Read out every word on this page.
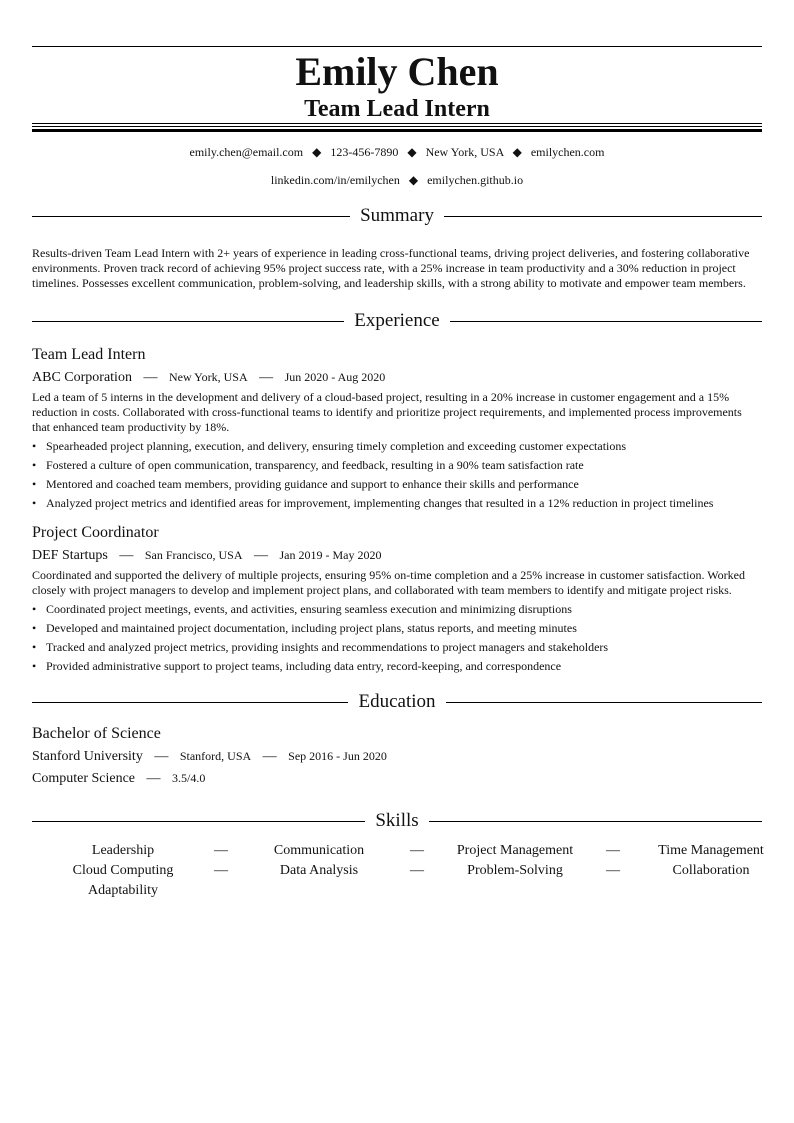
Emily Chen
Team Lead Intern
emily.chen@email.com ◆ 123-456-7890 ◆ New York, USA ◆ emilychen.com
linkedin.com/in/emilychen ◆ emilychen.github.io
Summary
Results-driven Team Lead Intern with 2+ years of experience in leading cross-functional teams, driving project deliveries, and fostering collaborative environments. Proven track record of achieving 95% project success rate, with a 25% increase in team productivity and a 30% reduction in project timelines. Possesses excellent communication, problem-solving, and leadership skills, with a strong ability to motivate and empower team members.
Experience
Team Lead Intern
ABC Corporation — New York, USA — Jun 2020 - Aug 2020
Led a team of 5 interns in the development and delivery of a cloud-based project, resulting in a 20% increase in customer engagement and a 15% reduction in costs. Collaborated with cross-functional teams to identify and prioritize project requirements, and implemented process improvements that enhanced team productivity by 18%.
• Spearheaded project planning, execution, and delivery, ensuring timely completion and exceeding customer expectations
• Fostered a culture of open communication, transparency, and feedback, resulting in a 90% team satisfaction rate
• Mentored and coached team members, providing guidance and support to enhance their skills and performance
• Analyzed project metrics and identified areas for improvement, implementing changes that resulted in a 12% reduction in project timelines
Project Coordinator
DEF Startups — San Francisco, USA — Jan 2019 - May 2020
Coordinated and supported the delivery of multiple projects, ensuring 95% on-time completion and a 25% increase in customer satisfaction. Worked closely with project managers to develop and implement project plans, and collaborated with team members to identify and mitigate project risks.
• Coordinated project meetings, events, and activities, ensuring seamless execution and minimizing disruptions
• Developed and maintained project documentation, including project plans, status reports, and meeting minutes
• Tracked and analyzed project metrics, providing insights and recommendations to project managers and stakeholders
• Provided administrative support to project teams, including data entry, record-keeping, and correspondence
Education
Bachelor of Science
Stanford University — Stanford, USA — Sep 2016 - Jun 2020
Computer Science — 3.5/4.0
Skills
Leadership	—	Communication	—	Project Management	—	Time Management
Cloud Computing	—	Data Analysis	—	Problem-Solving	—	Collaboration
Adaptability
